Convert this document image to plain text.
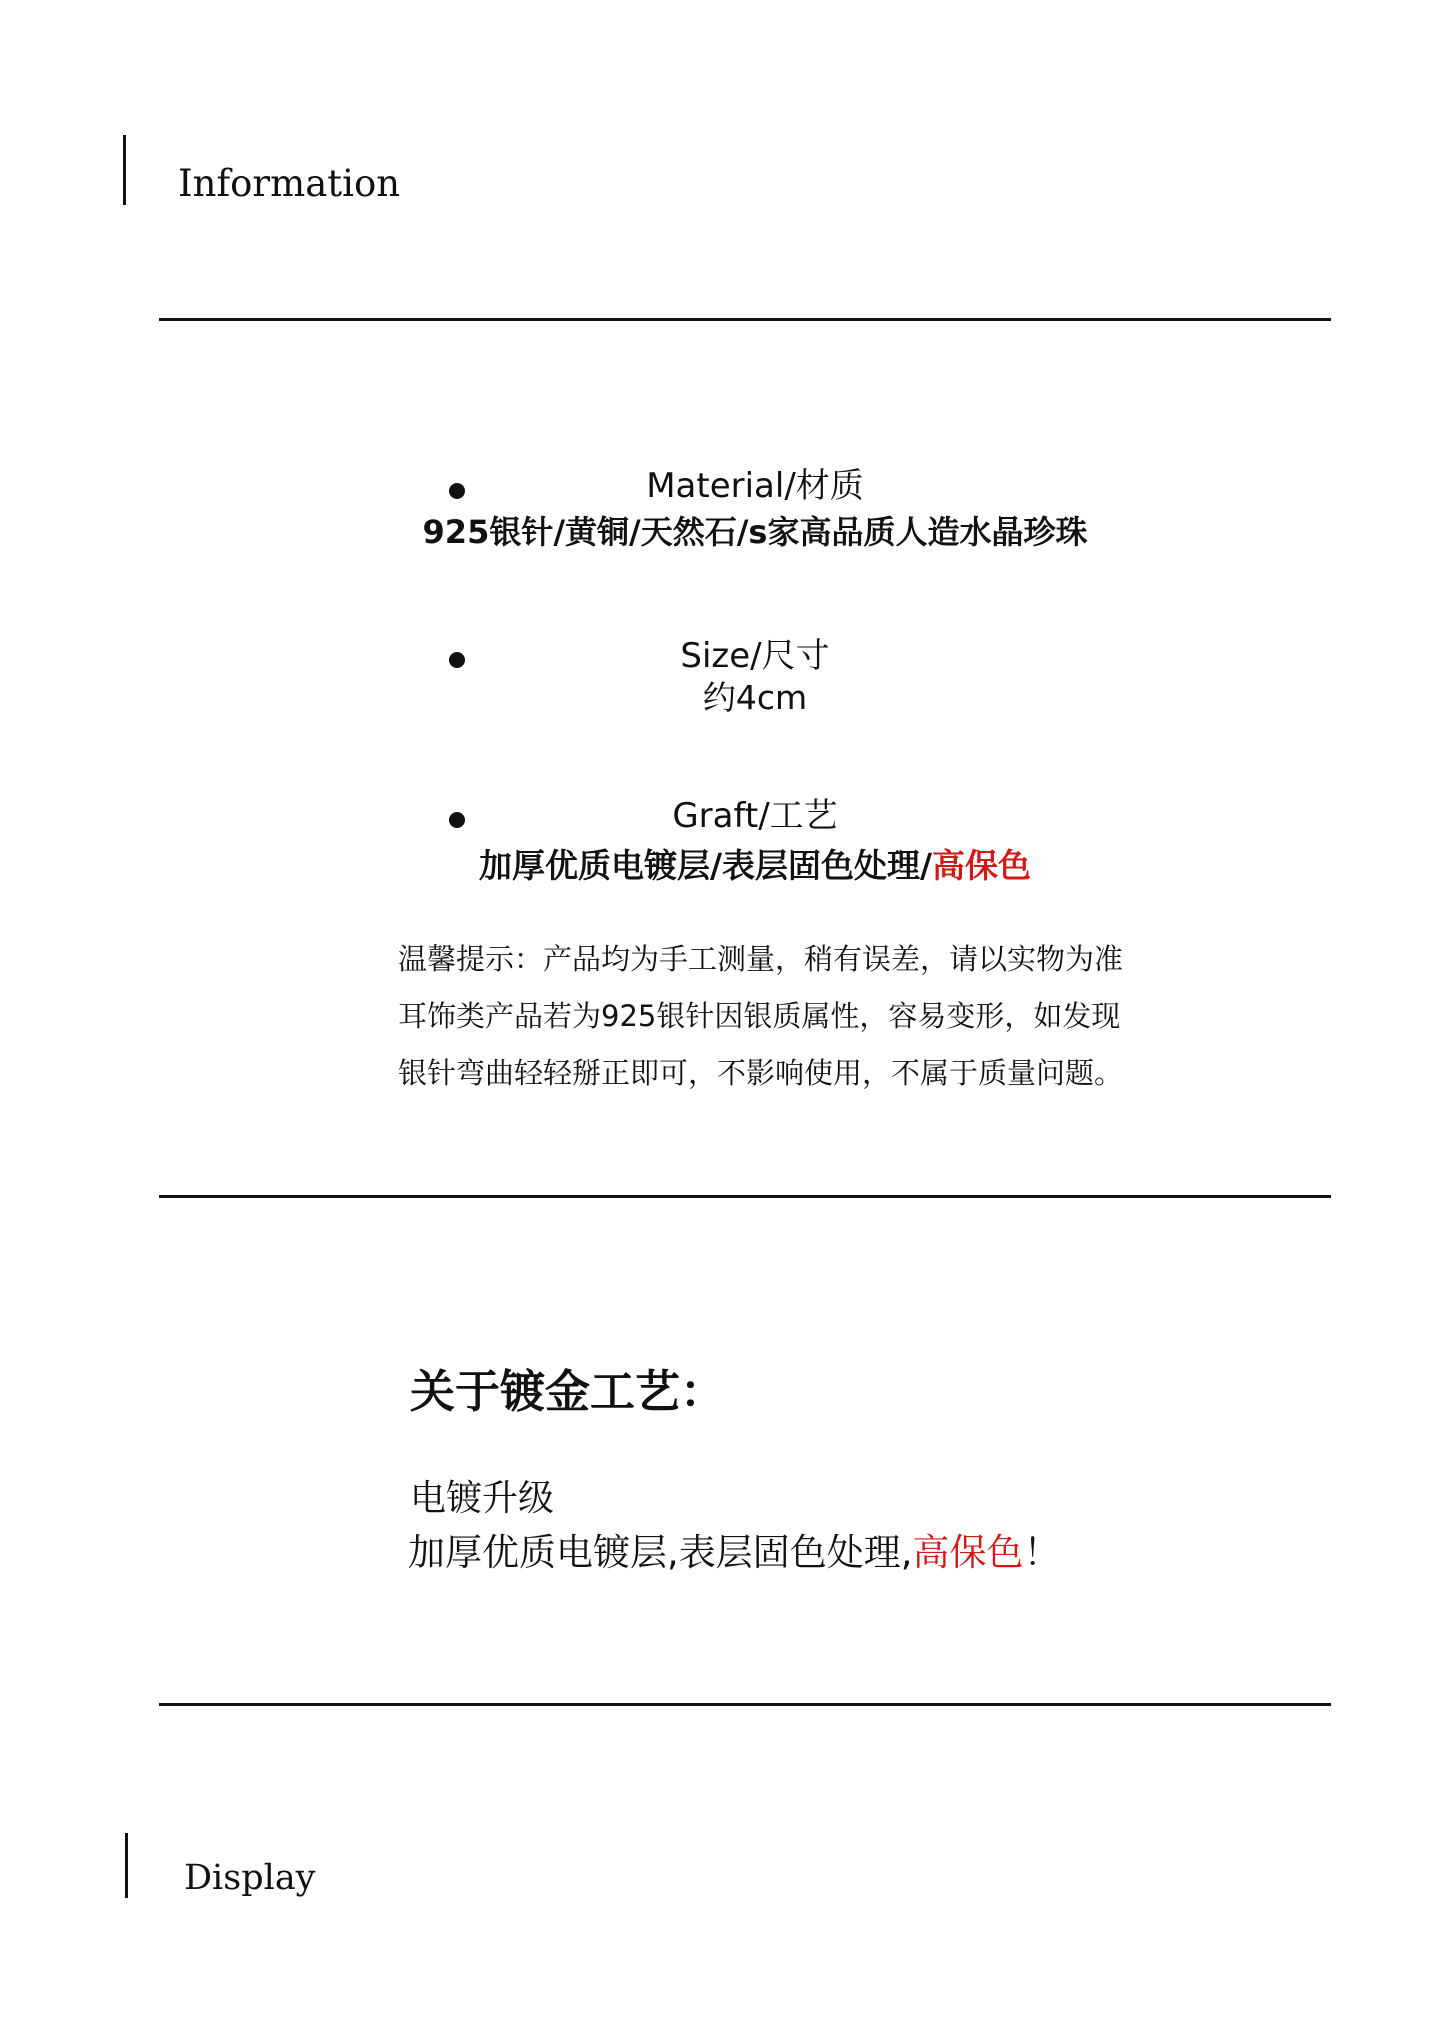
Information
Material/材质
925银针/黄铜/天然石/s家高品质人造水晶珍珠
Size/尺寸
约4cm
Graft/工艺
加厚优质电镀层/表层固色处理/高保色
温馨提示：产品均为手工测量，稍有误差，请以实物为准
耳饰类产品若为925银针因银质属性，容易变形，如发现
银针弯曲轻轻掰正即可，不影响使用，不属于质量问题。
关于镀金工艺：
电镀升级
加厚优质电镀层,表层固色处理,高保色！
Display
